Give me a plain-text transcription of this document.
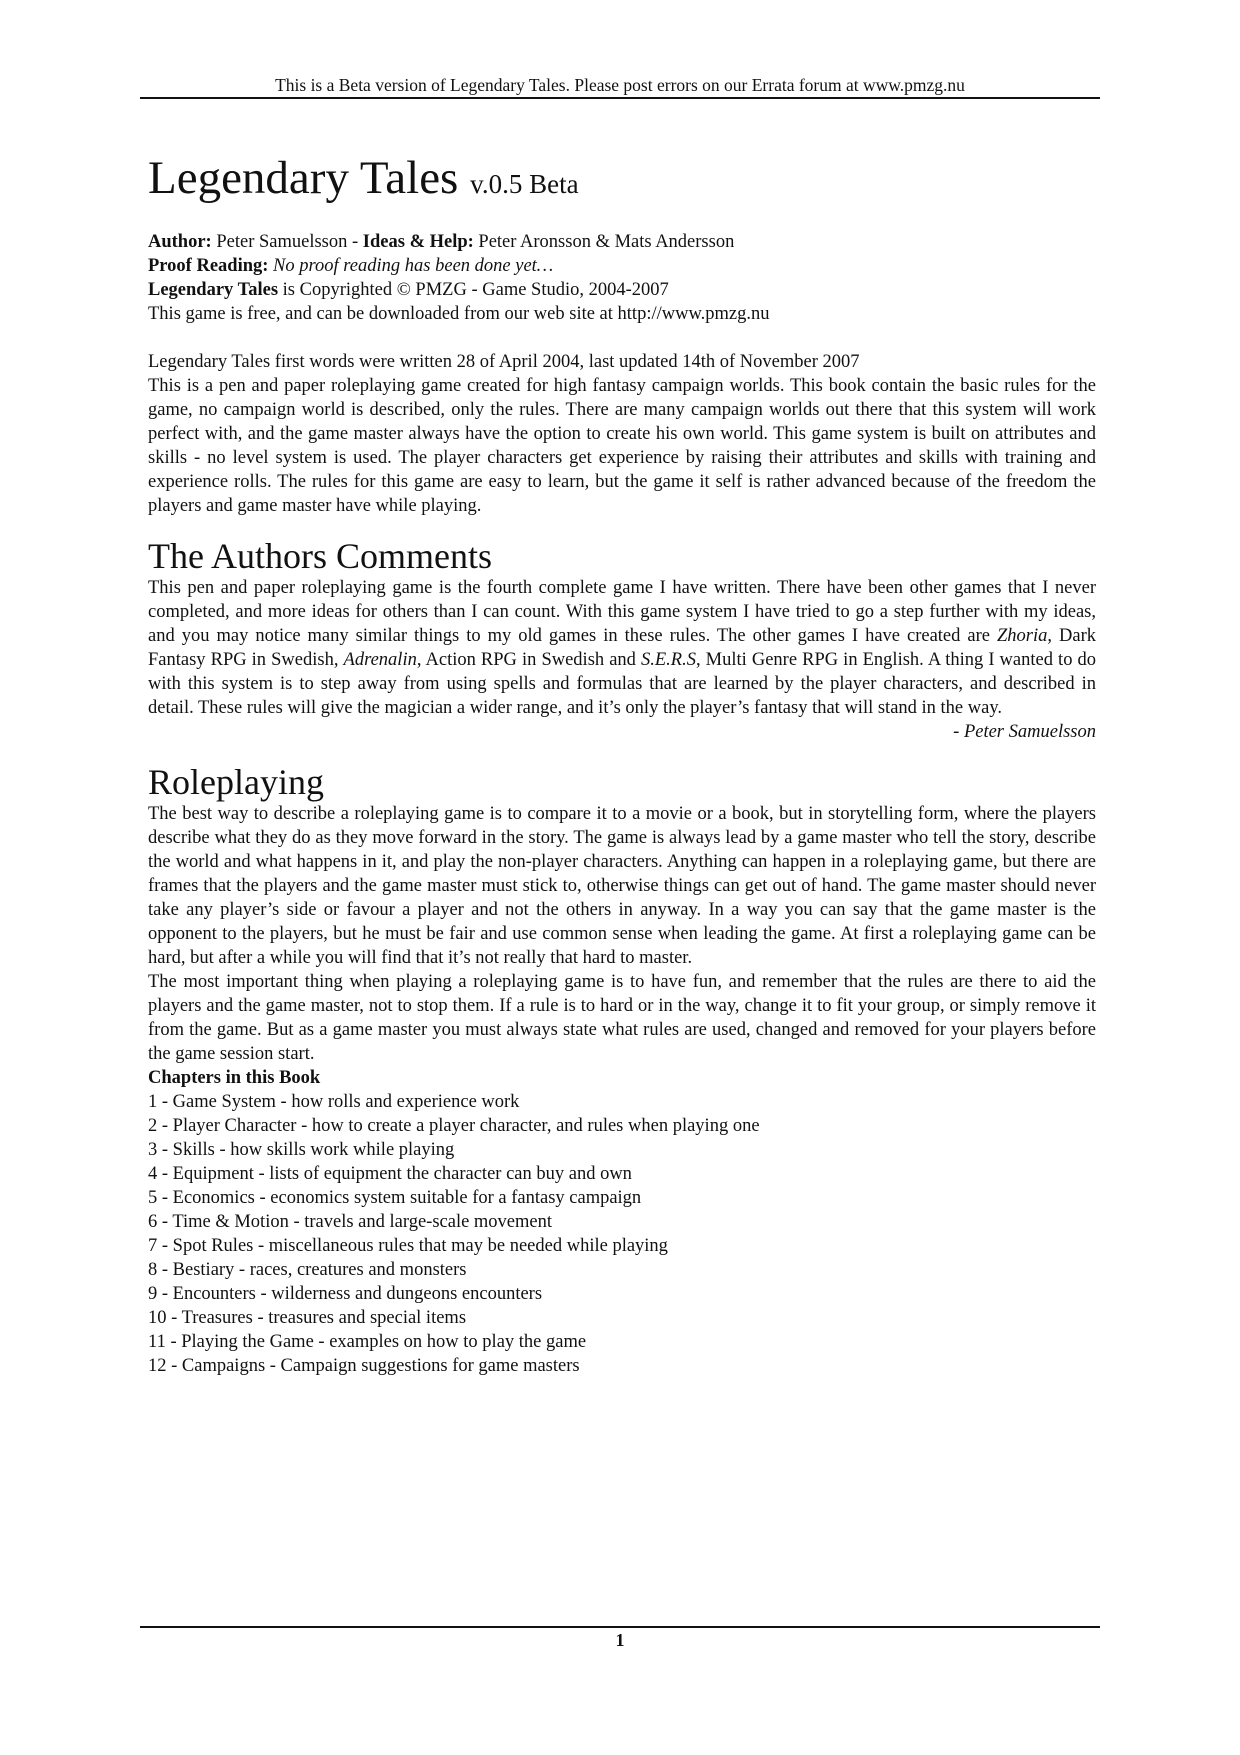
This is a Beta version of Legendary Tales. Please post errors on our Errata forum at www.pmzg.nu
Legendary Tales v.0.5 Beta

Author: Peter Samuelsson - Ideas & Help: Peter Aronsson & Mats Andersson

Proof Reading: No proof reading has been done yet…

Legendary Tales is Copyrighted © PMZG - Game Studio, 2004-2007

This game is free, and can be downloaded from our web site at http://www.pmzg.nu

Legendary Tales first words were written 28 of April 2004, last updated 14th of November 2007

This is a pen and paper roleplaying game created for high fantasy campaign worlds. This book contain the basic rules for the game, no campaign world is described, only the rules. There are many campaign worlds out there that this system will work perfect with, and the game master always have the option to create his own world. This game system is built on attributes and skills - no level system is used. The player characters get experience by raising their attributes and skills with training and experience rolls. The rules for this game are easy to learn, but the game it self is rather advanced because of the freedom the players and game master have while playing.

The Authors Comments

This pen and paper roleplaying game is the fourth complete game I have written. There have been other games that I never completed, and more ideas for others than I can count. With this game system I have tried to go a step further with my ideas, and you may notice many similar things to my old games in these rules. The other games I have created are Zhoria, Dark Fantasy RPG in Swedish, Adrenalin, Action RPG in Swedish and S.E.R.S, Multi Genre RPG in English. A thing I wanted to do with this system is to step away from using spells and formulas that are learned by the player characters, and described in detail. These rules will give the magician a wider range, and it’s only the player’s fantasy that will stand in the way.

- Peter Samuelsson

Roleplaying

The best way to describe a roleplaying game is to compare it to a movie or a book, but in storytelling form, where the players describe what they do as they move forward in the story. The game is always lead by a game master who tell the story, describe the world and what happens in it, and play the non-player characters. Anything can happen in a roleplaying game, but there are frames that the players and the game master must stick to, otherwise things can get out of hand. The game master should never take any player’s side or favour a player and not the others in anyway. In a way you can say that the game master is the opponent to the players, but he must be fair and use common sense when leading the game. At first a roleplaying game can be hard, but after a while you will find that it’s not really that hard to master.

The most important thing when playing a roleplaying game is to have fun, and remember that the rules are there to aid the players and the game master, not to stop them. If a rule is to hard or in the way, change it to fit your group, or simply remove it from the game. But as a game master you must always state what rules are used, changed and removed for your players before the game session start.

Chapters in this Book

1 - Game System - how rolls and experience work
2 - Player Character - how to create a player character, and rules when playing one
3 - Skills - how skills work while playing
4 - Equipment - lists of equipment the character can buy and own
5 - Economics - economics system suitable for a fantasy campaign
6 - Time & Motion - travels and large-scale movement
7 - Spot Rules - miscellaneous rules that may be needed while playing
8 - Bestiary - races, creatures and monsters
9 - Encounters - wilderness and dungeons encounters
10 - Treasures - treasures and special items
11 - Playing the Game - examples on how to play the game
12 - Campaigns - Campaign suggestions for game masters
1
